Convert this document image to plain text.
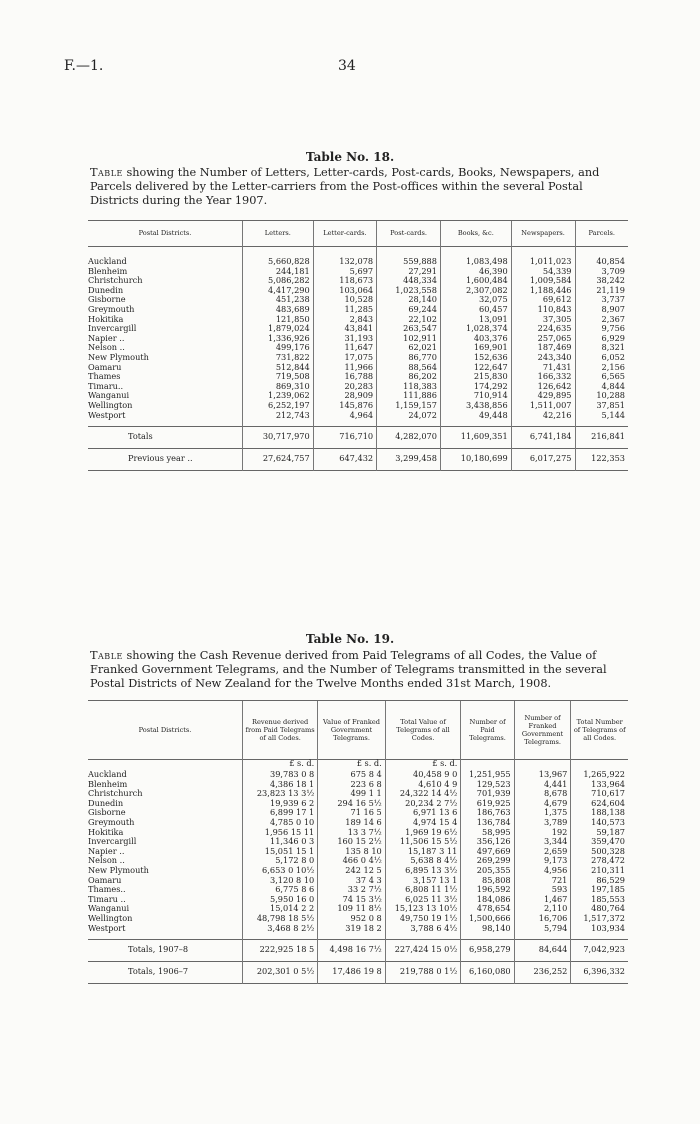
F.—1.	34
Table No. 18.
Table showing the Number of Letters, Letter-cards, Post-cards, Books, Newspapers, and Parcels delivered by the Letter-carriers from the Post-offices within the several Postal Districts during the Year 1907.
Postal Districts.	Letters.	Letter-cards.	Post-cards.	Books, &c.	Newspapers.	Parcels.

Auckland	5,660,828	132,078	559,888	1,083,498	1,011,023	40,854
Blenheim	244,181	5,697	27,291	46,390	54,339	3,709
Christchurch	5,086,282	118,673	448,334	1,600,484	1,009,584	38,242
Dunedin	4,417,290	103,064	1,023,558	2,307,082	1,188,446	21,119
Gisborne	451,238	10,528	28,140	32,075	69,612	3,737
Greymouth	483,689	11,285	69,244	60,457	110,843	8,907
Hokitika	121,850	2,843	22,102	13,091	37,305	2,367
Invercargill	1,879,024	43,841	263,547	1,028,374	224,635	9,756
Napier ..	1,336,926	31,193	102,911	403,376	257,065	6,929
Nelson ..	499,176	11,647	62,021	169,901	187,469	8,321
New Plymouth	731,822	17,075	86,770	152,636	243,340	6,052
Oamaru	512,844	11,966	88,564	122,647	71,431	2,156
Thames	719,508	16,788	86,202	215,830	166,332	6,565
Timaru..	869,310	20,283	118,383	174,292	126,642	4,844
Wanganui	1,239,062	28,909	111,886	710,914	429,895	10,288
Wellington	6,252,197	145,876	1,159,157	3,438,856	1,511,007	37,851
Westport	212,743	4,964	24,072	49,448	42,216	5,144

Totals	30,717,970	716,710	4,282,070	11,609,351	6,741,184	216,841
Previous year ..	27,624,757	647,432	3,299,458	10,180,699	6,017,275	122,353

Table No. 19.
Table showing the Cash Revenue derived from Paid Telegrams of all Codes, the Value of Franked Government Telegrams, and the Number of Telegrams transmitted in the several Postal Districts of New Zealand for the Twelve Months ended 31st March, 1908.
Postal Districts.	Revenue derived from Paid Telegrams of all Codes.	Value of Franked Government Telegrams.	Total Value of Telegrams of all Codes.	Number of Paid Telegrams.	Number of Franked Government Telegrams.	Total Number of Telegrams of all Codes.
	£ s. d.	£ s. d.	£ s. d.			
Auckland	39,783 0 8	675 8 4	40,458 9 0	1,251,955	13,967	1,265,922
Blenheim	4,386 18 1	223 6 8	4,610 4 9	129,523	4,441	133,964
Christchurch	23,823 13 3½	499 1 1	24,322 14 4½	701,939	8,678	710,617
Dunedin	19,939 6 2	294 16 5½	20,234 2 7½	619,925	4,679	624,604
Gisborne	6,899 17 1	71 16 5	6,971 13 6	186,763	1,375	188,138
Greymouth	4,785 0 10	189 14 6	4,974 15 4	136,784	3,789	140,573
Hokitika	1,956 15 11	13 3 7½	1,969 19 6½	58,995	192	59,187
Invercargill	11,346 0 3	160 15 2½	11,506 15 5½	356,126	3,344	359,470
Napier ..	15,051 15 1	135 8 10	15,187 3 11	497,669	2,659	500,328
Nelson ..	5,172 8 0	466 0 4½	5,638 8 4½	269,299	9,173	278,472
New Plymouth	6,653 0 10½	242 12 5	6,895 13 3½	205,355	4,956	210,311
Oamaru	3,120 8 10	37 4 3	3,157 13 1	85,808	721	86,529
Thames..	6,775 8 6	33 2 7½	6,808 11 1½	196,592	593	197,185
Timaru ..	5,950 16 0	74 15 3½	6,025 11 3½	184,086	1,467	185,553
Wanganui	15,014 2 2	109 11 8½	15,123 13 10½	478,654	2,110	480,764
Wellington	48,798 18 5½	952 0 8	49,750 19 1½	1,500,666	16,706	1,517,372
Westport	3,468 8 2½	319 18 2	3,788 6 4½	98,140	5,794	103,934

Totals, 1907–8	222,925 18 5	4,498 16 7½	227,424 15 0½	6,958,279	84,644	7,042,923
Totals, 1906–7	202,301 0 5½	17,486 19 8	219,788 0 1½	6,160,080	236,252	6,396,332
